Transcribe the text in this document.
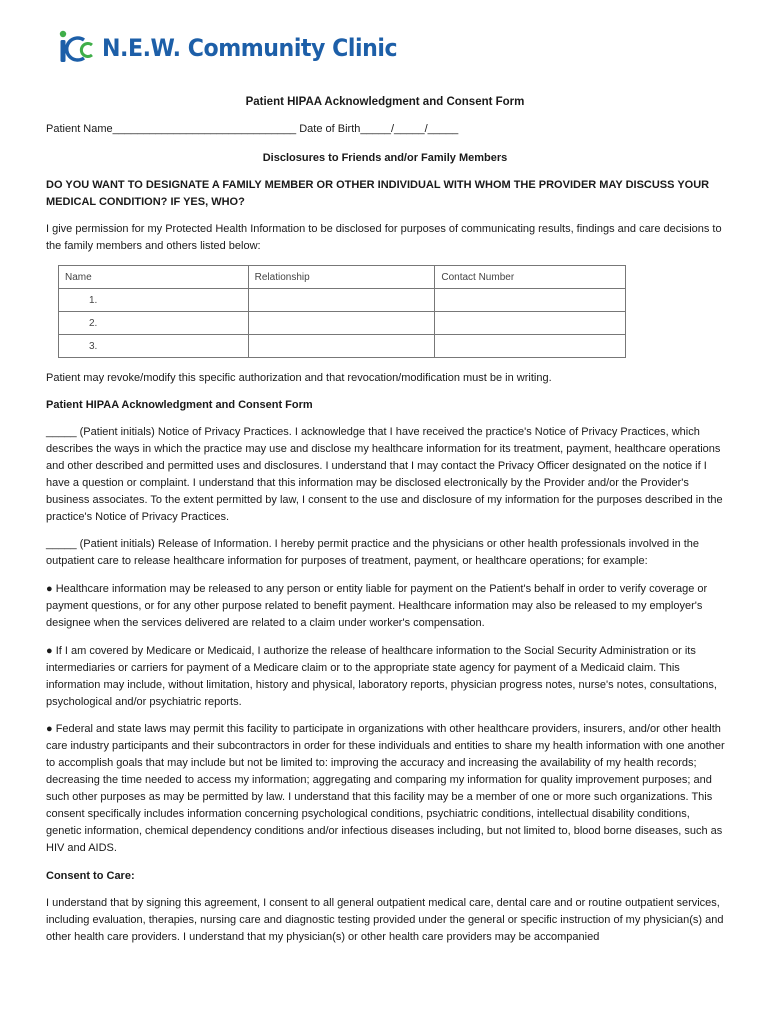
N.E.W. Community Clinic
Patient HIPAA Acknowledgment and Consent Form
Patient Name______________________________ Date of Birth_____/_____/_____
Disclosures to Friends and/or Family Members
DO YOU WANT TO DESIGNATE A FAMILY MEMBER OR OTHER INDIVIDUAL WITH WHOM THE PROVIDER MAY DISCUSS YOUR MEDICAL CONDITION? IF YES, WHO?
I give permission for my Protected Health Information to be disclosed for purposes of communicating results, findings and care decisions to the family members and others listed below:
Name	Relationship	Contact Number
1.		
2.		
3.		
Patient may revoke/modify this specific authorization and that revocation/modification must be in writing.
Patient HIPAA Acknowledgment and Consent Form
_____ (Patient initials) Notice of Privacy Practices. I acknowledge that I have received the practice's Notice of Privacy Practices, which describes the ways in which the practice may use and disclose my healthcare information for its treatment, payment, healthcare operations and other described and permitted uses and disclosures. I understand that I may contact the Privacy Officer designated on the notice if I have a question or complaint. I understand that this information may be disclosed electronically by the Provider and/or the Provider's business associates. To the extent permitted by law, I consent to the use and disclosure of my information for the purposes described in the practice's Notice of Privacy Practices.
_____ (Patient initials) Release of Information. I hereby permit practice and the physicians or other health professionals involved in the outpatient care to release healthcare information for purposes of treatment, payment, or healthcare operations; for example:
● Healthcare information may be released to any person or entity liable for payment on the Patient's behalf in order to verify coverage or payment questions, or for any other purpose related to benefit payment. Healthcare information may also be released to my employer's designee when the services delivered are related to a claim under worker's compensation.
● If I am covered by Medicare or Medicaid, I authorize the release of healthcare information to the Social Security Administration or its intermediaries or carriers for payment of a Medicare claim or to the appropriate state agency for payment of a Medicaid claim. This information may include, without limitation, history and physical, laboratory reports, physician progress notes, nurse's notes, consultations, psychological and/or psychiatric reports.
● Federal and state laws may permit this facility to participate in organizations with other healthcare providers, insurers, and/or other health care industry participants and their subcontractors in order for these individuals and entities to share my health information with one another to accomplish goals that may include but not be limited to: improving the accuracy and increasing the availability of my health records; decreasing the time needed to access my information; aggregating and comparing my information for quality improvement purposes; and such other purposes as may be permitted by law. I understand that this facility may be a member of one or more such organizations. This consent specifically includes information concerning psychological conditions, psychiatric conditions, intellectual disability conditions, genetic information, chemical dependency conditions and/or infectious diseases including, but not limited to, blood borne diseases, such as HIV and AIDS.
Consent to Care:
I understand that by signing this agreement, I consent to all general outpatient medical care, dental care and or routine outpatient services, including evaluation, therapies, nursing care and diagnostic testing provided under the general or specific instruction of my physician(s) and other health care providers. I understand that my physician(s) or other health care providers may be accompanied
